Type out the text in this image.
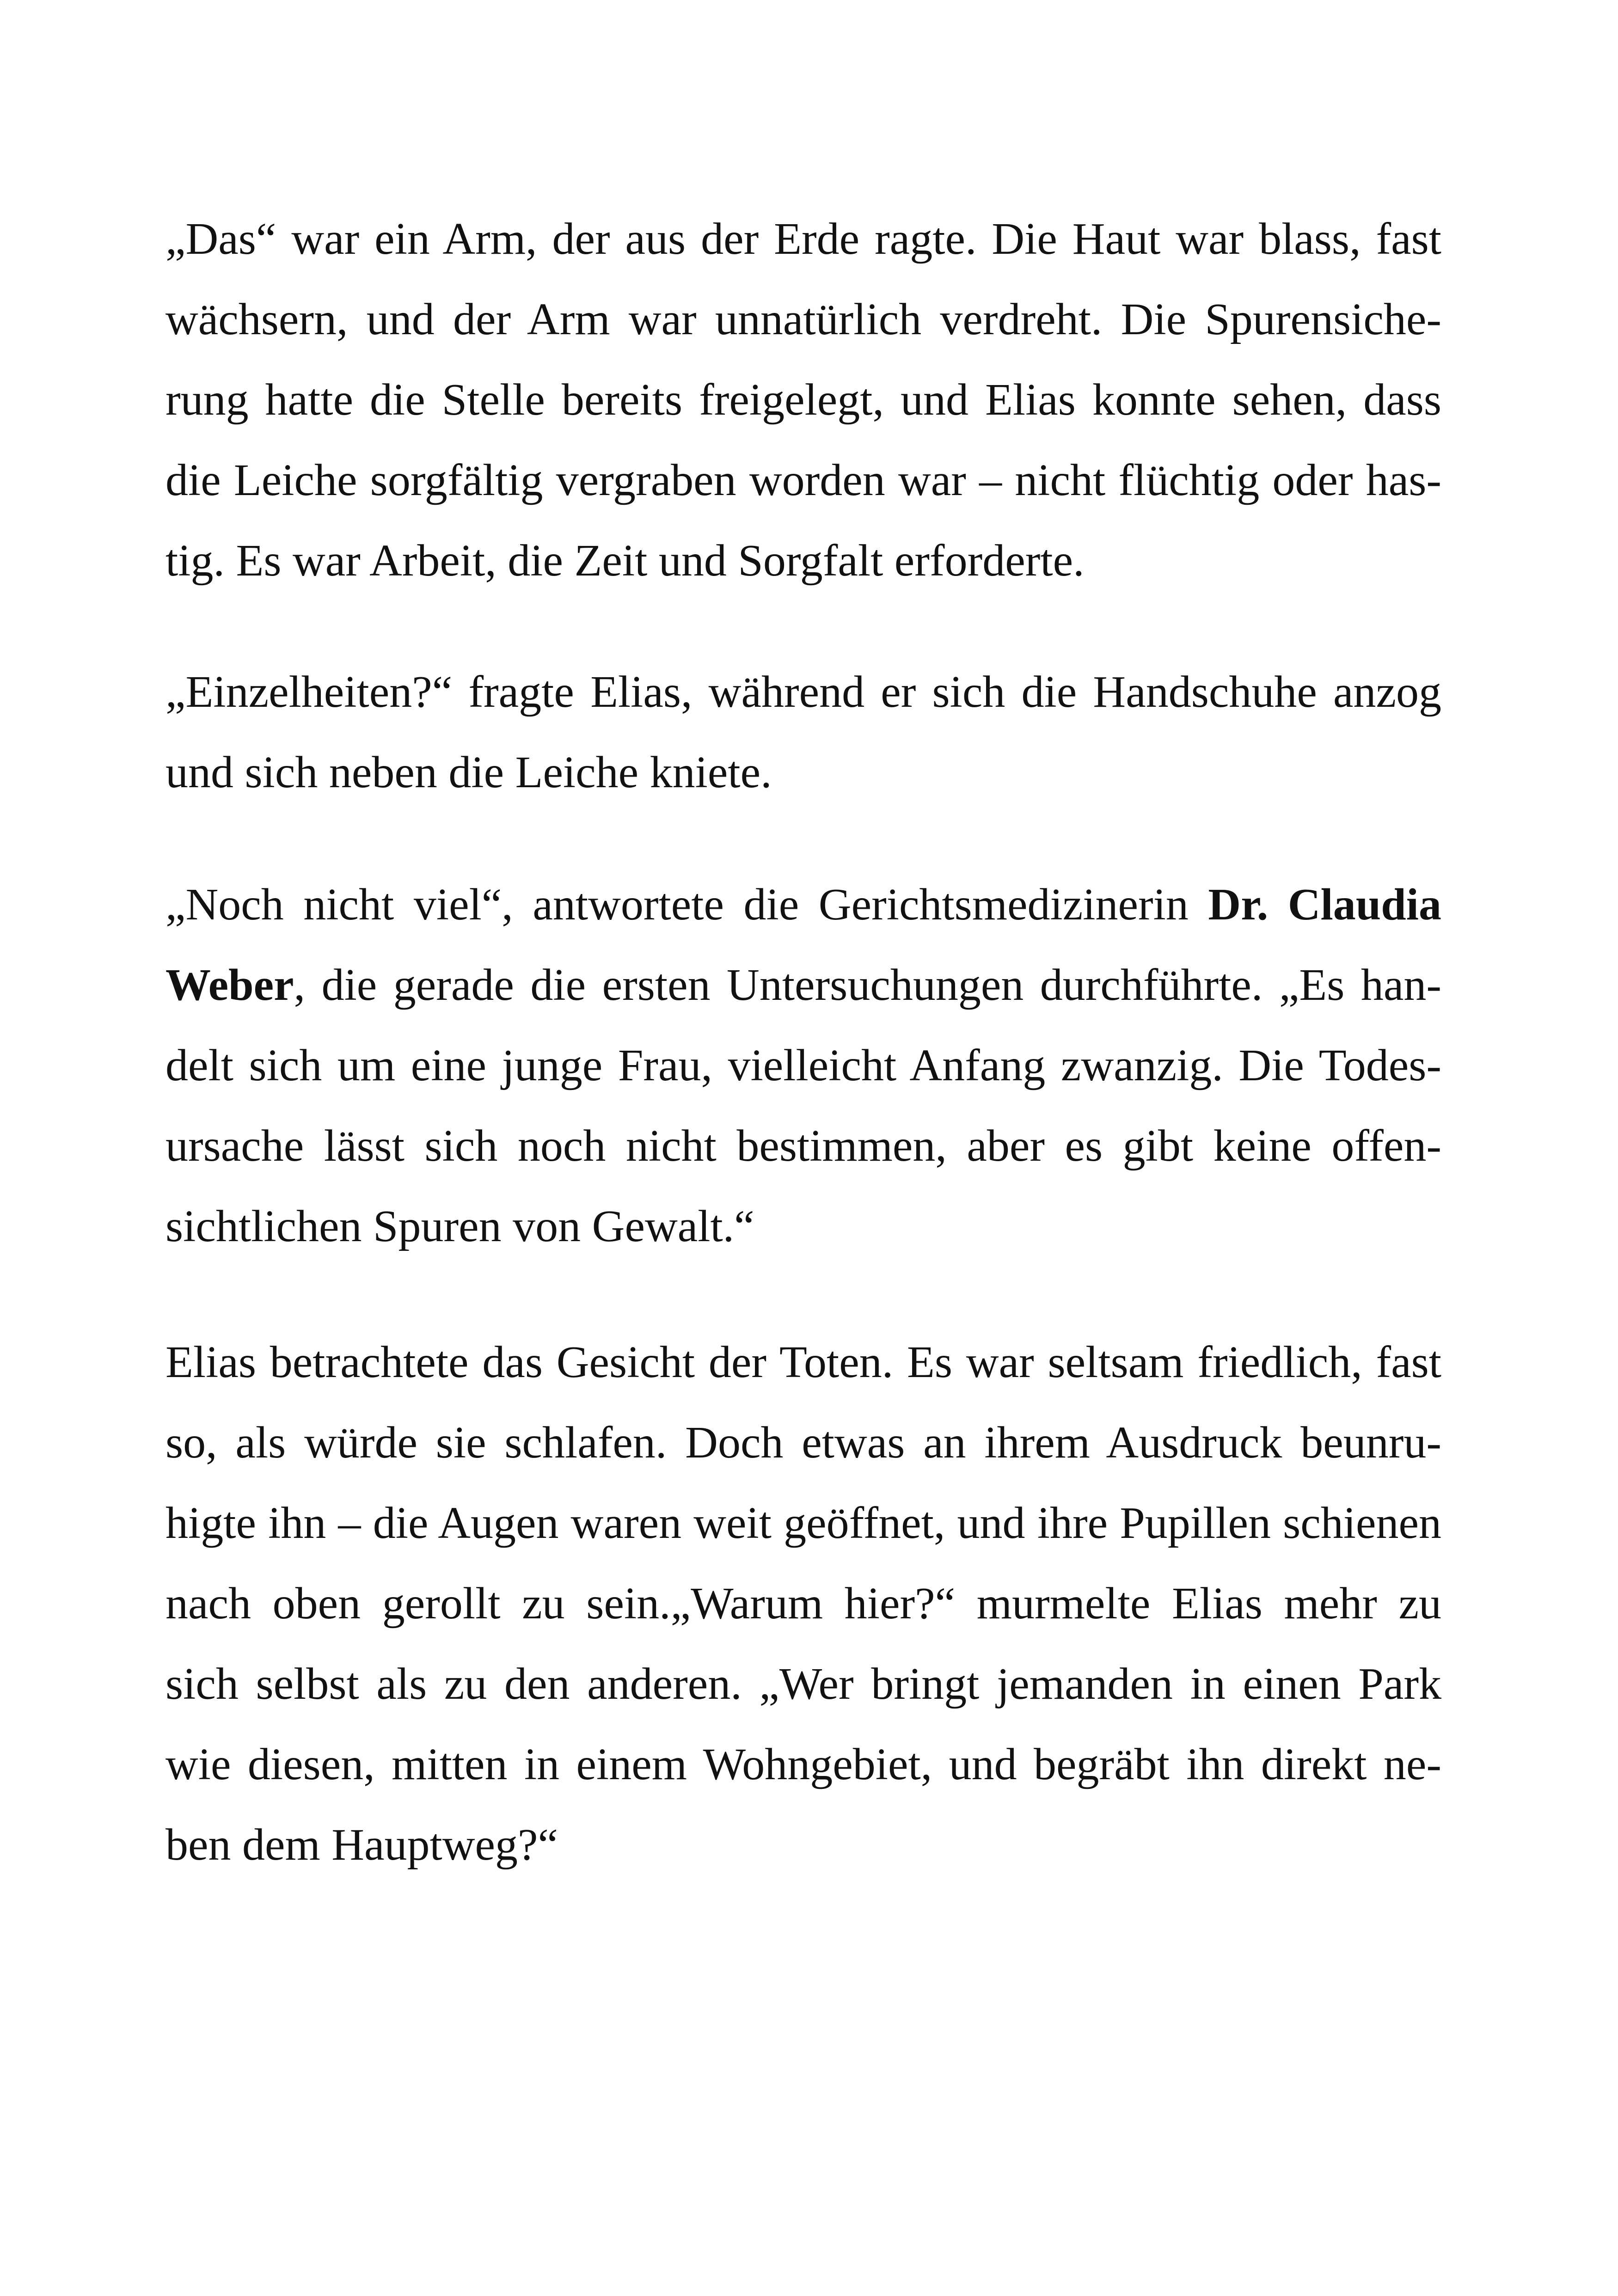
„Das“ war ein Arm, der aus der Erde ragte. Die Haut war blass, fast
wächsern, und der Arm war unnatürlich verdreht. Die Spurensiche-
rung hatte die Stelle bereits freigelegt, und Elias konnte sehen, dass
die Leiche sorgfältig vergraben worden war – nicht flüchtig oder has-
tig. Es war Arbeit, die Zeit und Sorgfalt erforderte.
„Einzelheiten?“ fragte Elias, während er sich die Handschuhe anzog
und sich neben die Leiche kniete.
„Noch nicht viel“, antwortete die Gerichtsmedizinerin Dr. Claudia
Weber, die gerade die ersten Untersuchungen durchführte. „Es han-
delt sich um eine junge Frau, vielleicht Anfang zwanzig. Die Todes-
ursache lässt sich noch nicht bestimmen, aber es gibt keine offen-
sichtlichen Spuren von Gewalt.“
Elias betrachtete das Gesicht der Toten. Es war seltsam friedlich, fast
so, als würde sie schlafen. Doch etwas an ihrem Ausdruck beunru-
higte ihn – die Augen waren weit geöffnet, und ihre Pupillen schienen
nach oben gerollt zu sein.„Warum hier?“ murmelte Elias mehr zu
sich selbst als zu den anderen. „Wer bringt jemanden in einen Park
wie diesen, mitten in einem Wohngebiet, und begräbt ihn direkt ne-
ben dem Hauptweg?“
